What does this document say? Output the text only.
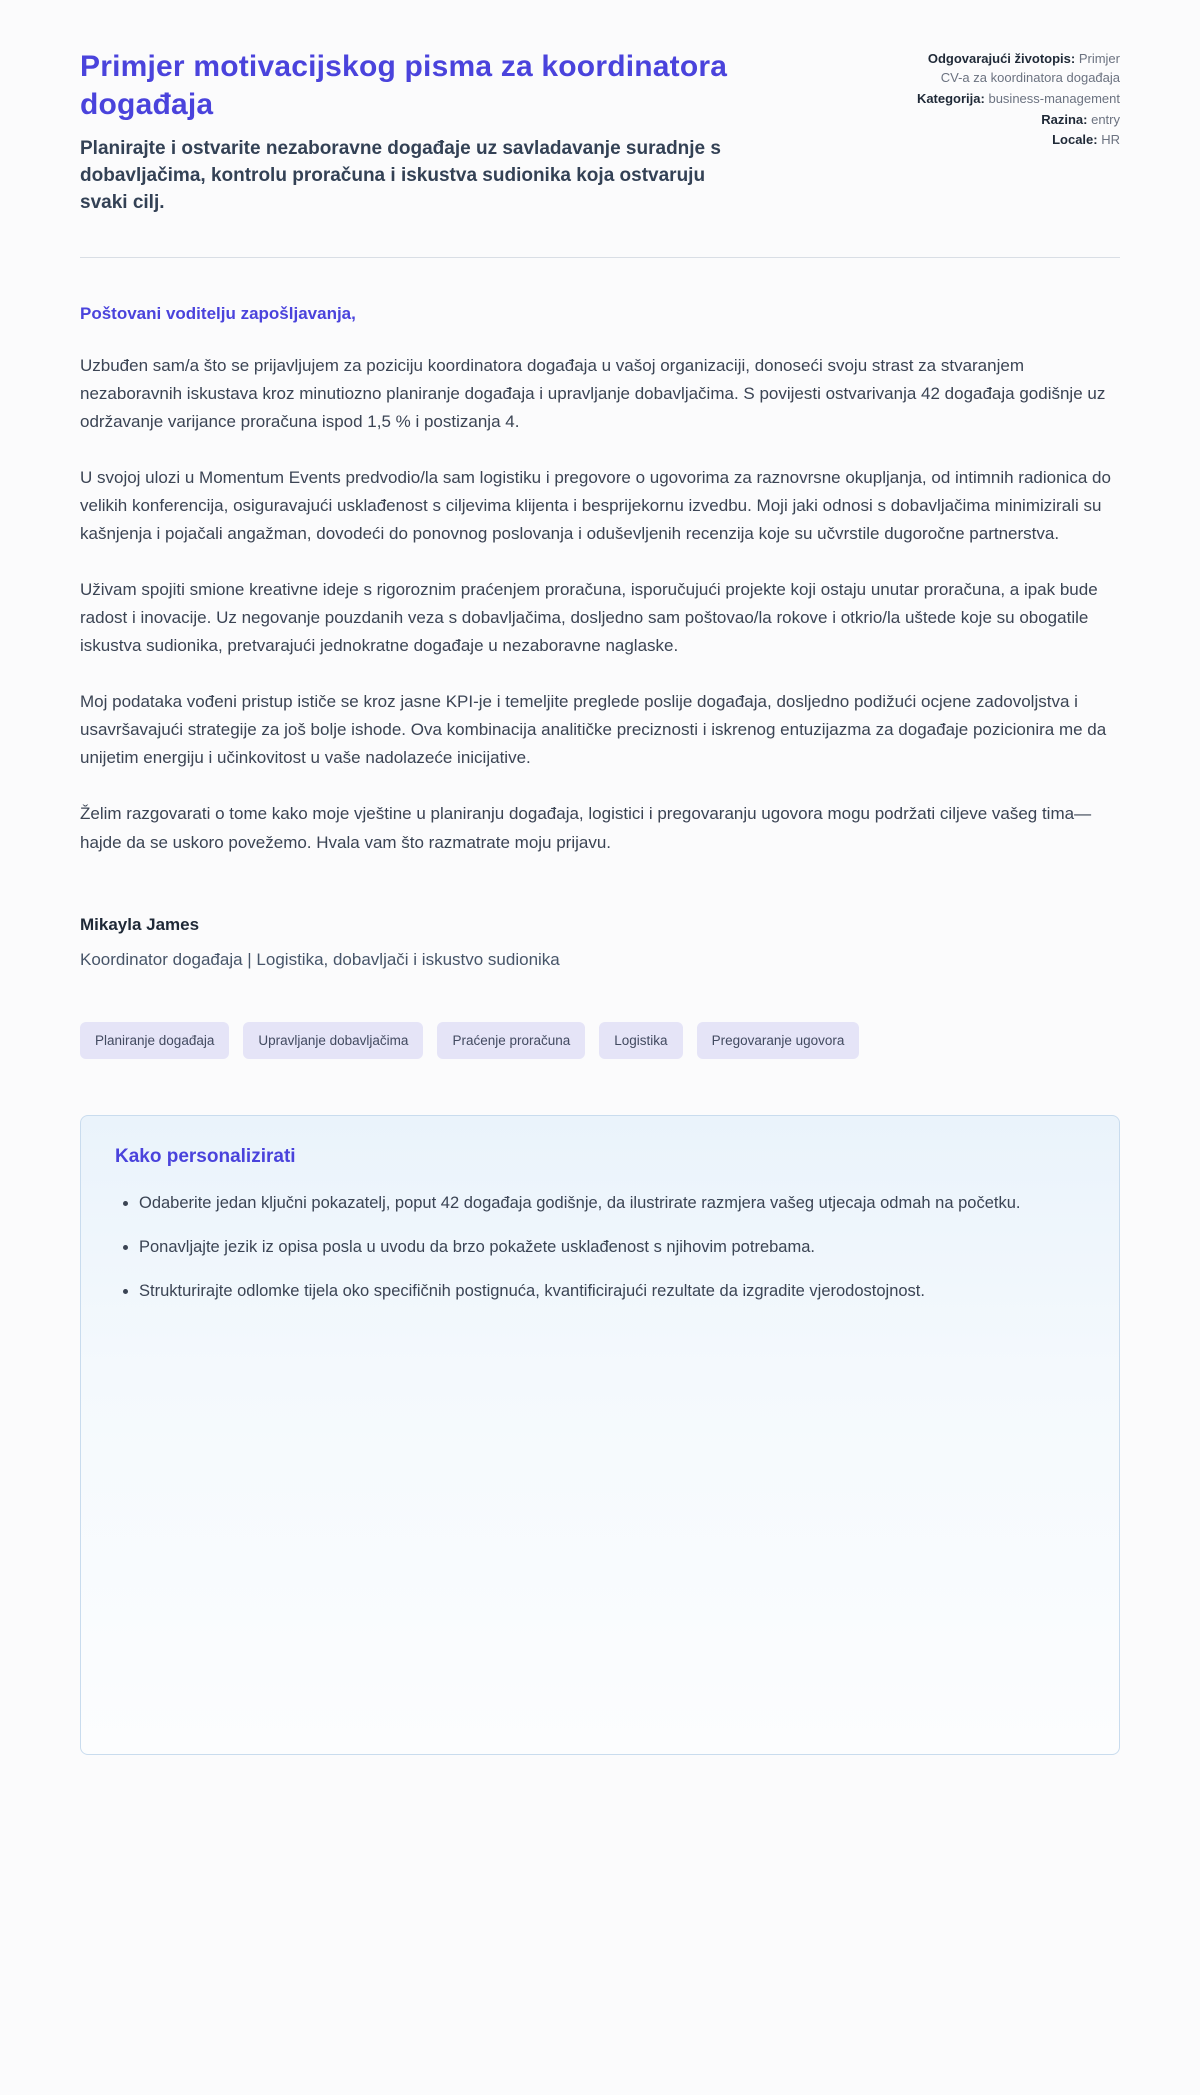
Primjer motivacijskog pisma za koordinatora događaja

Planirajte i ostvarite nezaboravne događaje uz savladavanje suradnje s dobavljačima, kontrolu proračuna i iskustva sudionika koja ostvaruju svaki cilj.

Odgovarajući životopis: Primjer CV-a za koordinatora događaja

Kategorija: business-management

Razina: entry

Locale: HR

Poštovani voditelju zapošljavanja,

Uzbuđen sam/a što se prijavljujem za poziciju koordinatora događaja u vašoj organizaciji, donoseći svoju strast za stvaranjem nezaboravnih iskustava kroz minutiozno planiranje događaja i upravljanje dobavljačima. S povijesti ostvarivanja 42 događaja godišnje uz održavanje varijance proračuna ispod 1,5 % i postizanja 4.

U svojoj ulozi u Momentum Events predvodio/la sam logistiku i pregovore o ugovorima za raznovrsne okupljanja, od intimnih radionica do velikih konferencija, osiguravajući usklađenost s ciljevima klijenta i besprijekornu izvedbu. Moji jaki odnosi s dobavljačima minimizirali su kašnjenja i pojačali angažman, dovodeći do ponovnog poslovanja i oduševljenih recenzija koje su učvrstile dugoročne partnerstva.

Uživam spojiti smione kreativne ideje s rigoroznim praćenjem proračuna, isporučujući projekte koji ostaju unutar proračuna, a ipak bude radost i inovacije. Uz negovanje pouzdanih veza s dobavljačima, dosljedno sam poštovao/la rokove i otkrio/la uštede koje su obogatile iskustva sudionika, pretvarajući jednokratne događaje u nezaboravne naglaske.

Moj podataka vođeni pristup ističe se kroz jasne KPI-je i temeljite preglede poslije događaja, dosljedno podižući ocjene zadovoljstva i usavršavajući strategije za još bolje ishode. Ova kombinacija analitičke preciznosti i iskrenog entuzijazma za događaje pozicionira me da unijetim energiju i učinkovitost u vaše nadolazeće inicijative.

Želim razgovarati o tome kako moje vještine u planiranju događaja, logistici i pregovaranju ugovora mogu podržati ciljeve vašeg tima—hajde da se uskoro povežemo. Hvala vam što razmatrate moju prijavu.

Mikayla James

Koordinator događaja | Logistika, dobavljači i iskustvo sudionika

Planiranje događaja	Upravljanje dobavljačima	Praćenje proračuna	Logistika	Pregovaranje ugovora
Kako personalizirati
• Odaberite jedan ključni pokazatelj, poput 42 događaja godišnje, da ilustrirate razmjera vašeg utjecaja odmah na početku.
• Ponavljajte jezik iz opisa posla u uvodu da brzo pokažete usklađenost s njihovim potrebama.
• Strukturirajte odlomke tijela oko specifičnih postignuća, kvantificirajući rezultate da izgradite vjerodostojnost.
